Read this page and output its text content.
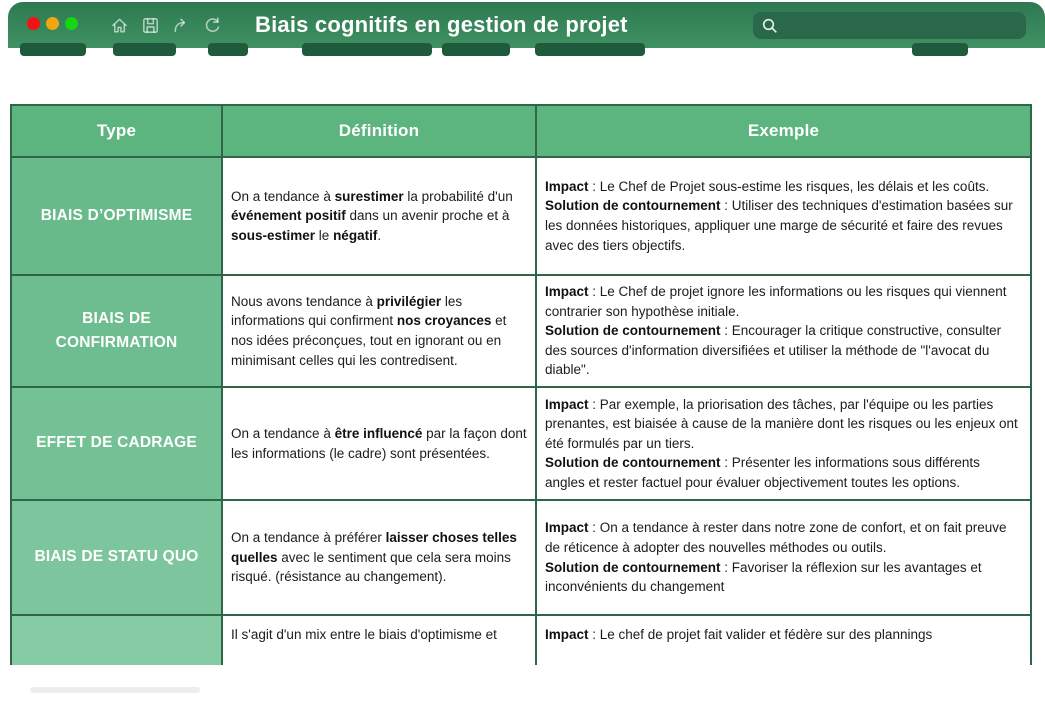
Biais cognitifs en gestion de projet
Type	Définition	Exemple
BIAIS D’OPTIMISME	On a tendance à surestimer la probabilité d'un événement positif dans un avenir proche et à sous-estimer le négatif.	Impact : Le Chef de Projet sous-estime les risques, les délais et les coûts.
Solution de contournement : Utiliser des techniques d'estimation basées sur les données historiques, appliquer une marge de sécurité et faire des revues avec des tiers objectifs.
BIAIS DE CONFIRMATION	Nous avons tendance à privilégier les informations qui confirment nos croyances et nos idées préconçues, tout en ignorant ou en minimisant celles qui les contredisent.	Impact : Le Chef de projet ignore les informations ou les risques qui viennent contrarier son hypothèse initiale.
Solution de contournement : Encourager la critique constructive, consulter des sources d'information diversifiées et utiliser la méthode de "l'avocat du diable".
EFFET DE CADRAGE	On a tendance à être influencé par la façon dont les informations (le cadre) sont présentées.	Impact : Par exemple, la priorisation des tâches, par l'équipe ou les parties prenantes, est biaisée à cause de la manière dont les risques ou les enjeux ont été formulés par un tiers.
Solution de contournement : Présenter les informations sous différents angles et rester factuel pour évaluer objectivement toutes les options.
BIAIS DE STATU QUO	On a tendance à préférer laisser choses telles quelles avec le sentiment que cela sera moins risqué. (résistance au changement).	Impact : On a tendance à rester dans notre zone de confort, et on fait preuve de réticence à adopter des nouvelles méthodes ou outils.
Solution de contournement : Favoriser la réflexion sur les avantages et inconvénients du changement
	Il s'agit d'un mix entre le biais d'optimisme et	Impact : Le chef de projet fait valider et fédère sur des plannings
